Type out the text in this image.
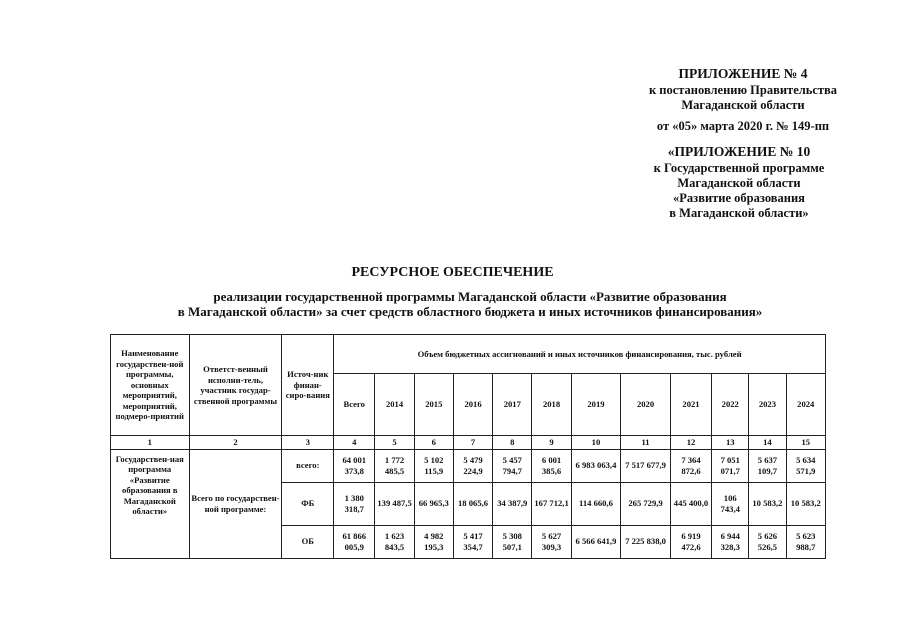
ПРИЛОЖЕНИЕ № 4
к постановлению Правительства
Магаданской области
от «05» марта 2020 г. № 149-пп
«ПРИЛОЖЕНИЕ № 10
к Государственной программе
Магаданской области
«Развитие образования
в Магаданской области»
РЕСУРСНОЕ ОБЕСПЕЧЕНИЕ
реализации государственной программы Магаданской области «Развитие образования
в Магаданской области» за счет средств областного бюджета и иных источников финансирования»
Наименование государствен-ной программы, основных мероприятий, мероприятий, подмеро-приятий	Ответст-венный исполни-тель, участник государ-ственной программы	Источ-ник финан-сиро-вания	Объем бюджетных ассигнований и иных источников финансирования, тыс. рублей											
			Всего	2014	2015	2016	2017	2018	2019	2020	2021	2022	2023	2024
1	2	3	4	5	6	7	8	9	10	11	12	13	14	15
Государствен-ная программа «Развитие образования в Магаданской области»	Всего по государствен-ной программе:	всего:	64 001 373,8	1 772 485,5	5 102 115,9	5 479 224,9	5 457 794,7	6 001 385,6	6 983 063,4	7 517 677,9	7 364 872,6	7 051 071,7	5 637 109,7	5 634 571,9
		ФБ	1 380 318,7	139 487,5	66 965,3	18 065,6	34 387,9	167 712,1	114 660,6	265 729,9	445 400,0	106 743,4	10 583,2	10 583,2
		ОБ	61 866 005,9	1 623 843,5	4 982 195,3	5 417 354,7	5 308 507,1	5 627 309,3	6 566 641,9	7 225 838,0	6 919 472,6	6 944 328,3	5 626 526,5	5 623 988,7
